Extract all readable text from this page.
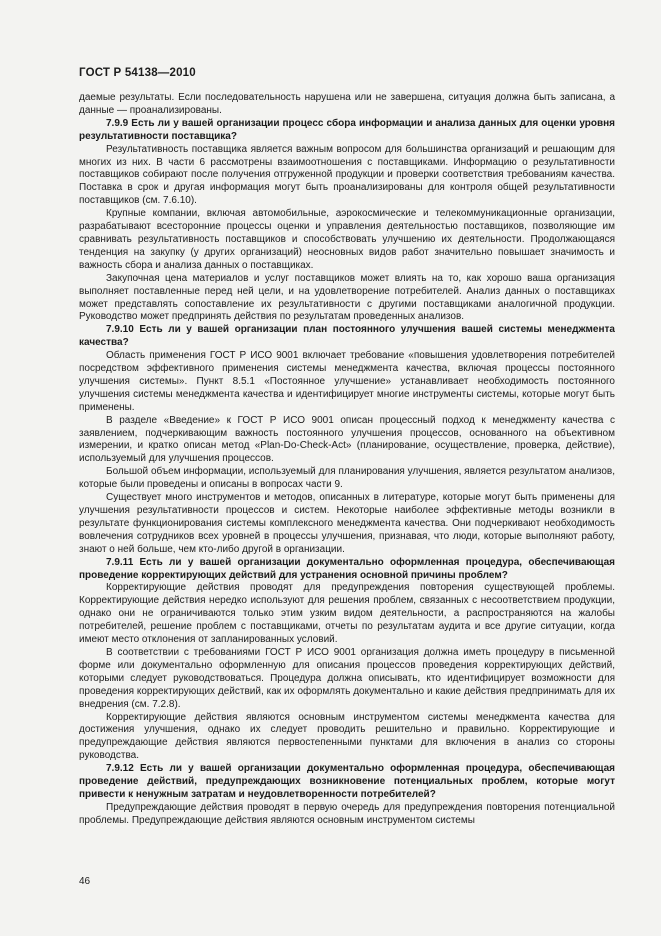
ГОСТ Р 54138—2010

даемые результаты. Если последовательность нарушена или не завершена, ситуация должна быть записана, а данные — проанализированы.

7.9.9 Есть ли у вашей организации процесс сбора информации и анализа данных для оценки уровня результативности поставщика?

Результативность поставщика является важным вопросом для большинства организаций и решающим для многих из них. В части 6 рассмотрены взаимоотношения с поставщиками. Информацию о результативности поставщиков собирают после получения отгруженной продукции и проверки соответствия требованиям качества. Поставка в срок и другая информация могут быть проанализированы для контроля общей результативности поставщиков (см. 7.6.10).

Крупные компании, включая автомобильные, аэрокосмические и телекоммуникационные организации, разрабатывают всесторонние процессы оценки и управления деятельностью поставщиков, позволяющие им сравнивать результативность поставщиков и способствовать улучшению их деятельности. Продолжающаяся тенденция на закупку (у других организаций) неосновных видов работ значительно повышает значимость и важность сбора и анализа данных о поставщиках.

Закупочная цена материалов и услуг поставщиков может влиять на то, как хорошо ваша организация выполняет поставленные перед ней цели, и на удовлетворение потребителей. Анализ данных о поставщиках может представлять сопоставление их результативности с другими поставщиками аналогичной продукции. Руководство может предпринять действия по результатам проведенных анализов.

7.9.10 Есть ли у вашей организации план постоянного улучшения вашей системы менеджмента качества?

Область применения ГОСТ Р ИСО 9001 включает требование «повышения удовлетворения потребителей посредством эффективного применения системы менеджмента качества, включая процессы постоянного улучшения системы». Пункт 8.5.1 «Постоянное улучшение» устанавливает необходимость постоянного улучшения системы менеджмента качества и идентифицирует многие инструменты системы, которые могут быть применены.

В разделе «Введение» к ГОСТ Р ИСО 9001 описан процессный подход к менеджменту качества с заявлением, подчеркивающим важность постоянного улучшения процессов, основанного на объективном измерении, и кратко описан метод «Plan-Do-Check-Act» (планирование, осуществление, проверка, действие), используемый для улучшения процессов.

Большой объем информации, используемый для планирования улучшения, является результатом анализов, которые были проведены и описаны в вопросах части 9.

Существует много инструментов и методов, описанных в литературе, которые могут быть применены для улучшения результативности процессов и систем. Некоторые наиболее эффективные методы возникли в результате функционирования системы комплексного менеджмента качества. Они подчеркивают необходимость вовлечения сотрудников всех уровней в процессы улучшения, признавая, что люди, которые выполняют работу, знают о ней больше, чем кто-либо другой в организации.

7.9.11 Есть ли у вашей организации документально оформленная процедура, обеспечивающая проведение корректирующих действий для устранения основной причины проблем?

Корректирующие действия проводят для предупреждения повторения существующей проблемы. Корректирующие действия нередко используют для решения проблем, связанных с несоответствием продукции, однако они не ограничиваются только этим узким видом деятельности, а распространяются на жалобы потребителей, решение проблем с поставщиками, отчеты по результатам аудита и все другие ситуации, когда имеют место отклонения от запланированных условий.

В соответствии с требованиями ГОСТ Р ИСО 9001 организация должна иметь процедуру в письменной форме или документально оформленную для описания процессов проведения корректирующих действий, которыми следует руководствоваться. Процедура должна описывать, кто идентифицирует возможности для проведения корректирующих действий, как их оформлять документально и какие действия предпринимать для их внедрения (см. 7.2.8).

Корректирующие действия являются основным инструментом системы менеджмента качества для достижения улучшения, однако их следует проводить решительно и правильно. Корректирующие и предупреждающие действия являются первостепенными пунктами для включения в анализ со стороны руководства.

7.9.12 Есть ли у вашей организации документально оформленная процедура, обеспечивающая проведение действий, предупреждающих возникновение потенциальных проблем, которые могут привести к ненужным затратам и неудовлетворенности потребителей?

Предупреждающие действия проводят в первую очередь для предупреждения повторения потенциальной проблемы. Предупреждающие действия являются основным инструментом системы

46
